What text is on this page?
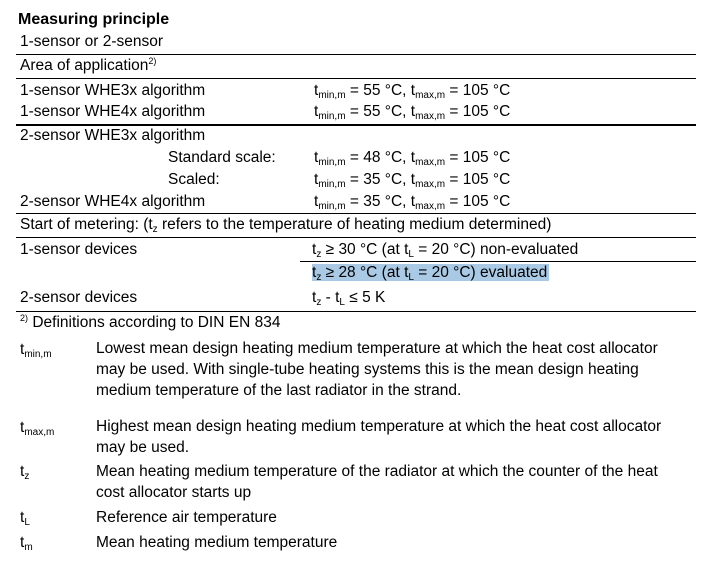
Measuring principle
1-sensor or 2-sensor
Area of application$^{2)}$
1-sensor WHE3x algorithm	$t_{min,m} = 55$ °C, $t_{max,m} = 105$ °C
1-sensor WHE4x algorithm	$t_{min,m} = 55$ °C, $t_{max,m} = 105$ °C
2-sensor WHE3x algorithm
Standard scale: $t_{min,m} = 48$ °C, $t_{max,m} = 105$ °C
Scaled:	$t_{min,m} = 35$ °C, $t_{max,m} = 105$ °C
2-sensor WHE4x algorithm	$t_{min,m} = 35$ °C, $t_{max,m} = 105$ °C
Start of metering: ($t_z$ refers to the temperature of heating medium determined)
1-sensor devices	$t_z \ge 30$ °C (at $t_L = 20$ °C) non-evaluated
$t_z \ge 28$ °C (at $t_L = 20$ °C) evaluated
2-sensor devices	$t_z - t_L \le 5$ K
$^{2)}$ Definitions according to DIN EN 834
$t_{min,m}$	Lowest mean design heating medium temperature at which the heat cost allocator may be used. With single-tube heating systems this is the mean design heating medium temperature of the last radiator in the strand.
$t_{max,m}$	Highest mean design heating medium temperature at which the heat cost allocator may be used.
$t_z$	Mean heating medium temperature of the radiator at which the counter of the heat cost allocator starts up
$t_L$	Reference air temperature
$t_m$	Mean heating medium temperature
